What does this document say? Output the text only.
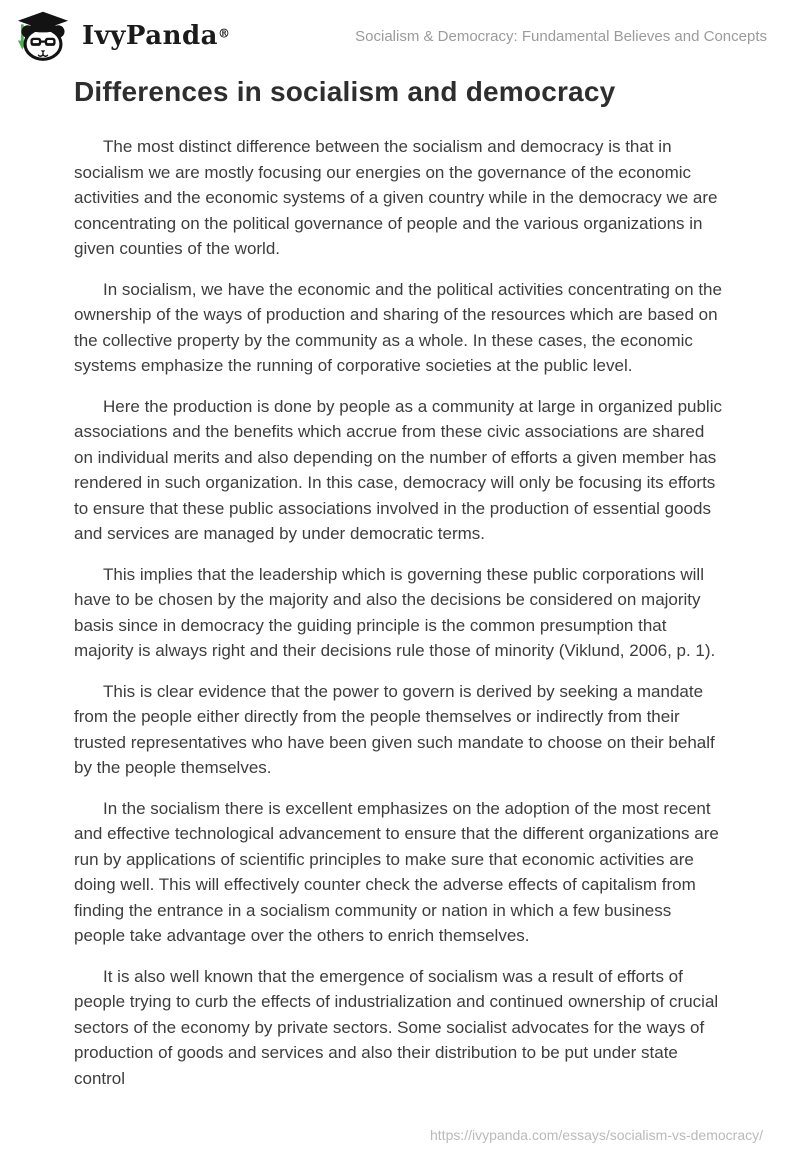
IvyPanda®	Socialism & Democracy: Fundamental Believes and Concepts
Differences in socialism and democracy

The most distinct difference between the socialism and democracy is that in socialism we are mostly focusing our energies on the governance of the economic activities and the economic systems of a given country while in the democracy we are concentrating on the political governance of people and the various organizations in given counties of the world.

In socialism, we have the economic and the political activities concentrating on the ownership of the ways of production and sharing of the resources which are based on the collective property by the community as a whole. In these cases, the economic systems emphasize the running of corporative societies at the public level.

Here the production is done by people as a community at large in organized public associations and the benefits which accrue from these civic associations are shared on individual merits and also depending on the number of efforts a given member has rendered in such organization. In this case, democracy will only be focusing its efforts to ensure that these public associations involved in the production of essential goods and services are managed by under democratic terms.

This implies that the leadership which is governing these public corporations will have to be chosen by the majority and also the decisions be considered on majority basis since in democracy the guiding principle is the common presumption that majority is always right and their decisions rule those of minority (Viklund, 2006, p. 1).

This is clear evidence that the power to govern is derived by seeking a mandate from the people either directly from the people themselves or indirectly from their trusted representatives who have been given such mandate to choose on their behalf by the people themselves.

In the socialism there is excellent emphasizes on the adoption of the most recent and effective technological advancement to ensure that the different organizations are run by applications of scientific principles to make sure that economic activities are doing well. This will effectively counter check the adverse effects of capitalism from finding the entrance in a socialism community or nation in which a few business people take advantage over the others to enrich themselves.

It is also well known that the emergence of socialism was a result of efforts of people trying to curb the effects of industrialization and continued ownership of crucial sectors of the economy by private sectors. Some socialist advocates for the ways of production of goods and services and also their distribution to be put under state control

https://ivypanda.com/essays/socialism-vs-democracy/
